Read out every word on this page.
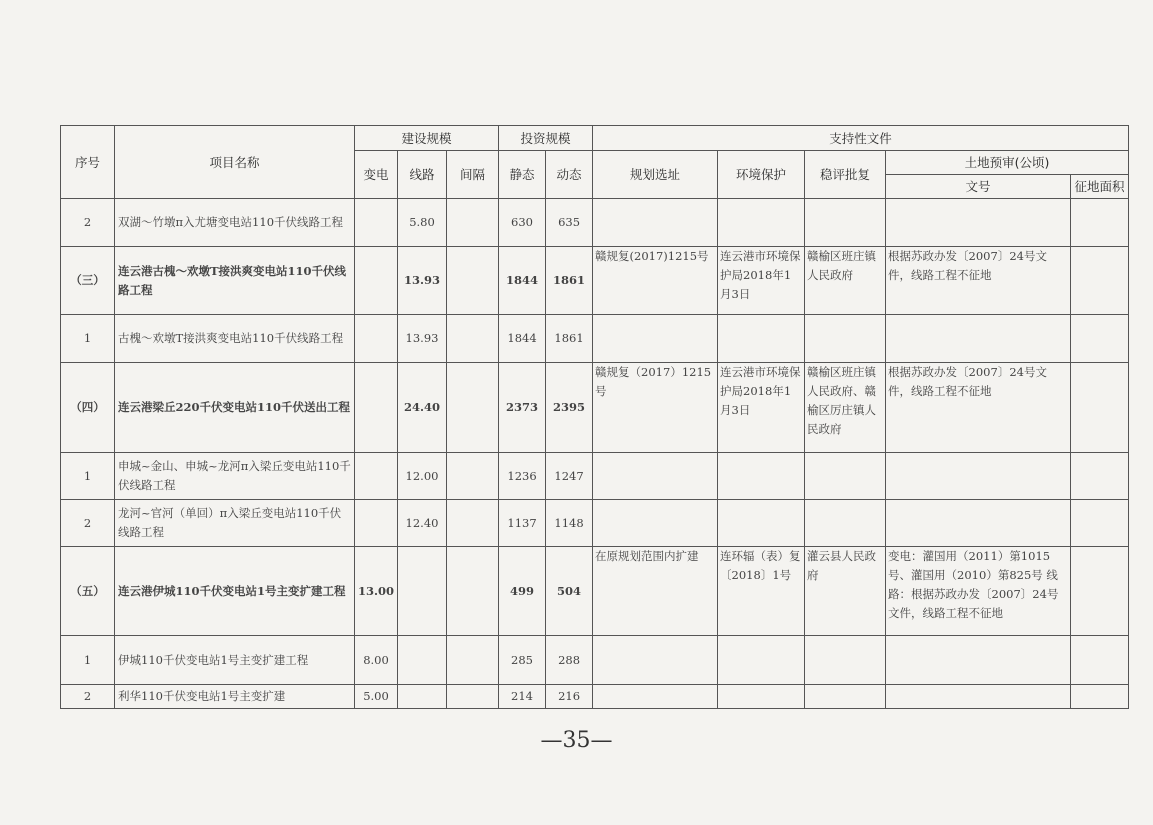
序号	项目名称	建设规模			投资规模		支持性文件				
		变电	线路	间隔	静态	动态	规划选址	环境保护	稳评批复	土地预审(公顷)	
										文号	征地面积
2	双湖～竹墩π入尤塘变电站110千伏线路工程		5.80		630	635					
（三）	连云港古槐～欢墩T接洪爽变电站110千伏线路工程		13.93		1844	1861	赣规复(2017)1215号	连云港市环境保护局2018年1月3日	赣榆区班庄镇人民政府	根据苏政办发〔2007〕24号文件，线路工程不征地	
1	古槐～欢墩T接洪爽变电站110千伏线路工程		13.93		1844	1861					
（四）	连云港梁丘220千伏变电站110千伏送出工程		24.40		2373	2395	赣规复（2017）1215号	连云港市环境保护局2018年1月3日	赣榆区班庄镇人民政府、赣榆区厉庄镇人民政府	根据苏政办发〔2007〕24号文件，线路工程不征地	
1	申城~金山、申城~龙河π入梁丘变电站110千伏线路工程		12.00		1236	1247					
2	龙河~官河（单回）π入梁丘变电站110千伏线路工程		12.40		1137	1148					
（五）	连云港伊城110千伏变电站1号主变扩建工程	13.00			499	504	在原规划范围内扩建	连环辐（表）复〔2018〕1号	灌云县人民政府	变电：灌国用（2011）第1015号、灌国用（2010）第825号 线路：根据苏政办发〔2007〕24号文件，线路工程不征地	
1	伊城110千伏变电站1号主变扩建工程	8.00			285	288					
2	利华110千伏变电站1号主变扩建	5.00			214	216					
—35—
